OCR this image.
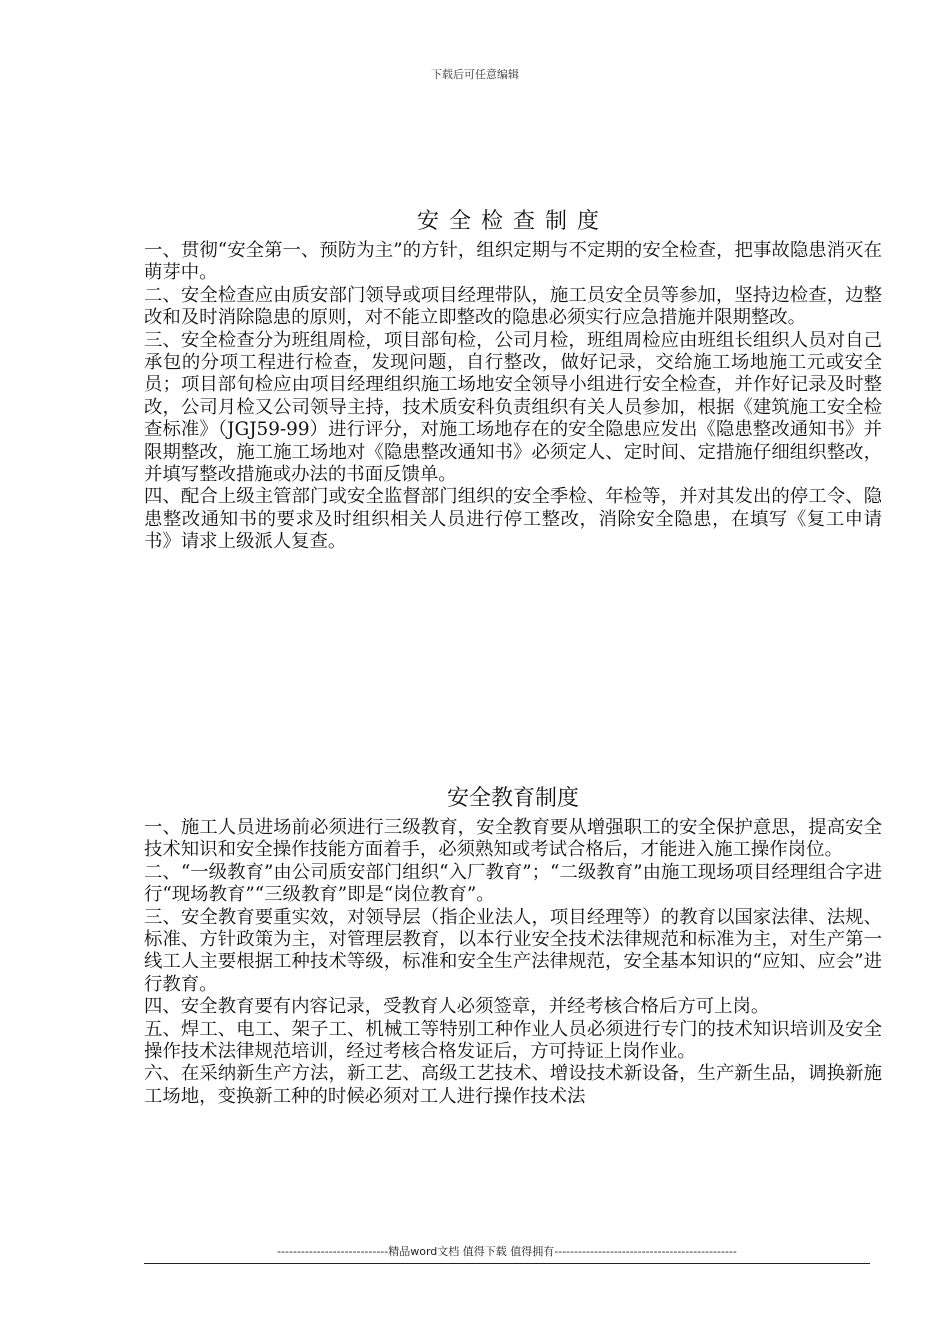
下载后可任意编辑
安全检查制度

一、贯彻“安全第一、预防为主”的方针，组织定期与不定期的安全检查，把事故隐患消灭在萌芽中。

二、安全检查应由质安部门领导或项目经理带队，施工员安全员等参加，坚持边检查，边整改和及时消除隐患的原则，对不能立即整改的隐患必须实行应急措施并限期整改。

三、安全检查分为班组周检，项目部旬检，公司月检，班组周检应由班组长组织人员对自己承包的分项工程进行检查，发现问题，自行整改，做好记录，交给施工场地施工元或安全员；项目部旬检应由项目经理组织施工场地安全领导小组进行安全检查，并作好记录及时整改，公司月检又公司领导主持，技术质安科负责组织有关人员参加，根据《建筑施工安全检查标准》（JGJ59-99）进行评分，对施工场地存在的安全隐患应发出《隐患整改通知书》并限期整改，施工施工场地对《隐患整改通知书》必须定人、定时间、定措施仔细组织整改，并填写整改措施或办法的书面反馈单。

四、配合上级主管部门或安全监督部门组织的安全季检、年检等，并对其发出的停工令、隐患整改通知书的要求及时组织相关人员进行停工整改，消除安全隐患，在填写《复工申请书》请求上级派人复查。

安全教育制度

一、施工人员进场前必须进行三级教育，安全教育要从增强职工的安全保护意思，提高安全技术知识和安全操作技能方面着手，必须熟知或考试合格后，才能进入施工操作岗位。

二、“一级教育”由公司质安部门组织“入厂教育”；“二级教育”由施工现场项目经理组合字进行“现场教育”“三级教育”即是“岗位教育”。

三、安全教育要重实效，对领导层（指企业法人，项目经理等）的教育以国家法律、法规、标准、方针政策为主，对管理层教育，以本行业安全技术法律规范和标准为主，对生产第一线工人主要根据工种技术等级，标准和安全生产法律规范，安全基本知识的“应知、应会”进行教育。

四、安全教育要有内容记录，受教育人必须签章，并经考核合格后方可上岗。

五、焊工、电工、架子工、机械工等特别工种作业人员必须进行专门的技术知识培训及安全操作技术法律规范培训，经过考核合格发证后，方可持证上岗作业。

六、在采纳新生产方法，新工艺、高级工艺技术、增设技术新设备，生产新生品，调换新施工场地，变换新工种的时候必须对工人进行操作技术法

----------------------------精品word文档 值得下载 值得拥有----------------------------------------------
